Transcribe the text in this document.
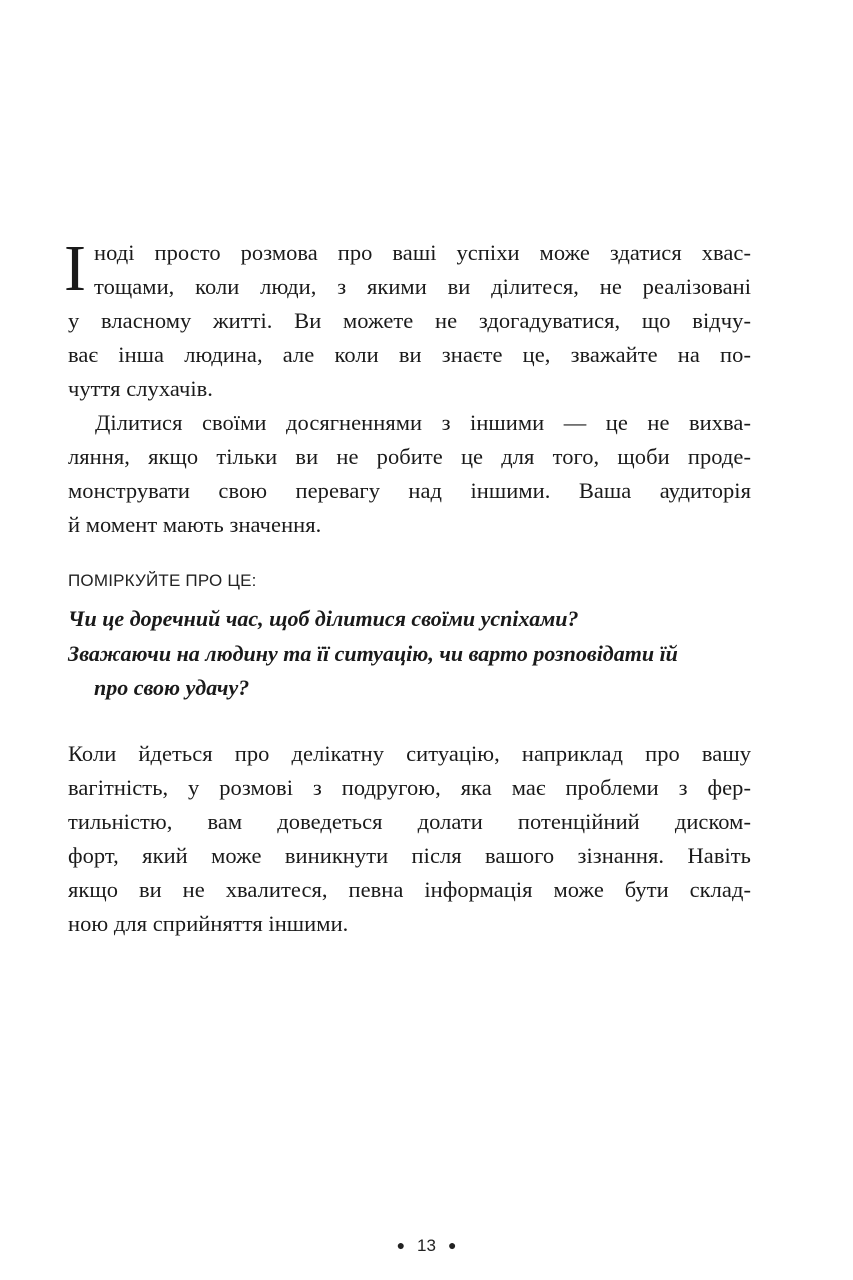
І ноді просто розмова про ваші успіхи може здатися хвас-
тощами, коли люди, з якими ви ділитеся, не реалізовані
у власному житті. Ви можете не здогадуватися, що відчу-
ває інша людина, але коли ви знаєте це, зважайте на по-
чуття слухачів.
Ділитися своїми досягненнями з іншими — це не вихва-
ляння, якщо тільки ви не робите це для того, щоби проде-
монструвати свою перевагу над іншими. Ваша аудиторія
й момент мають значення.
ПОМІРКУЙТЕ ПРО ЦЕ:
Чи це доречний час, щоб ділитися своїми успіхами?
Зважаючи на людину та її ситуацію, чи варто розповідати їй
про свою удачу?
Коли йдеться про делікатну ситуацію, наприклад про вашу
вагітність, у розмові з подругою, яка має проблеми з фер-
тильністю, вам доведеться долати потенційний диском-
форт, який може виникнути після вашого зізнання. Навіть
якщо ви не хвалитеся, певна інформація може бути склад-
ною для сприйняття іншими.
● 13 ●
